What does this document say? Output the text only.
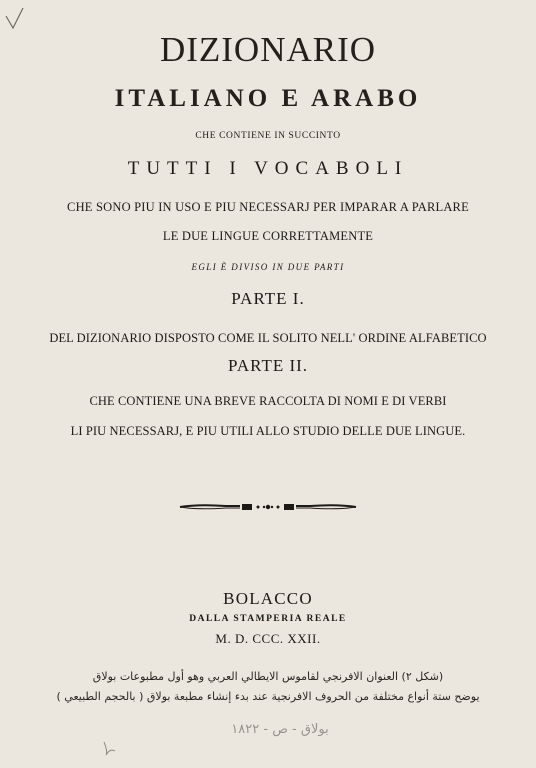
DIZIONARIO
ITALIANO E ARABO
CHE CONTIENE IN SUCCINTO
TUTTI I VOCABOLI
CHE SONO PIU IN USO E PIU NECESSARJ PER IMPARAR A PARLARE
LE DUE LINGUE CORRETTAMENTE
EGLI È DIVISO IN DUE PARTI
PARTE I.
DEL DIZIONARIO DISPOSTO COME IL SOLITO NELL' ORDINE ALFABETICO
PARTE II.
CHE CONTIENE UNA BREVE RACCOLTA DI NOMI E DI VERBI
LI PIU NECESSARJ, E PIU UTILI ALLO STUDIO DELLE DUE LINGUE.
BOLACCO
DALLA STAMPERIA REALE
M. D. CCC. XXII.
(شكل ٢) العنوان الافرنجي لقاموس الايطالي العربي وهو أول مطبوعات بولاق
يوضح ستة أنواع مختلفة من الحروف الافرنجية عند بدء إنشاء مطبعة بولاق ( بالحجم الطبيعي )
بولاق - ص - ١٨٢٢
